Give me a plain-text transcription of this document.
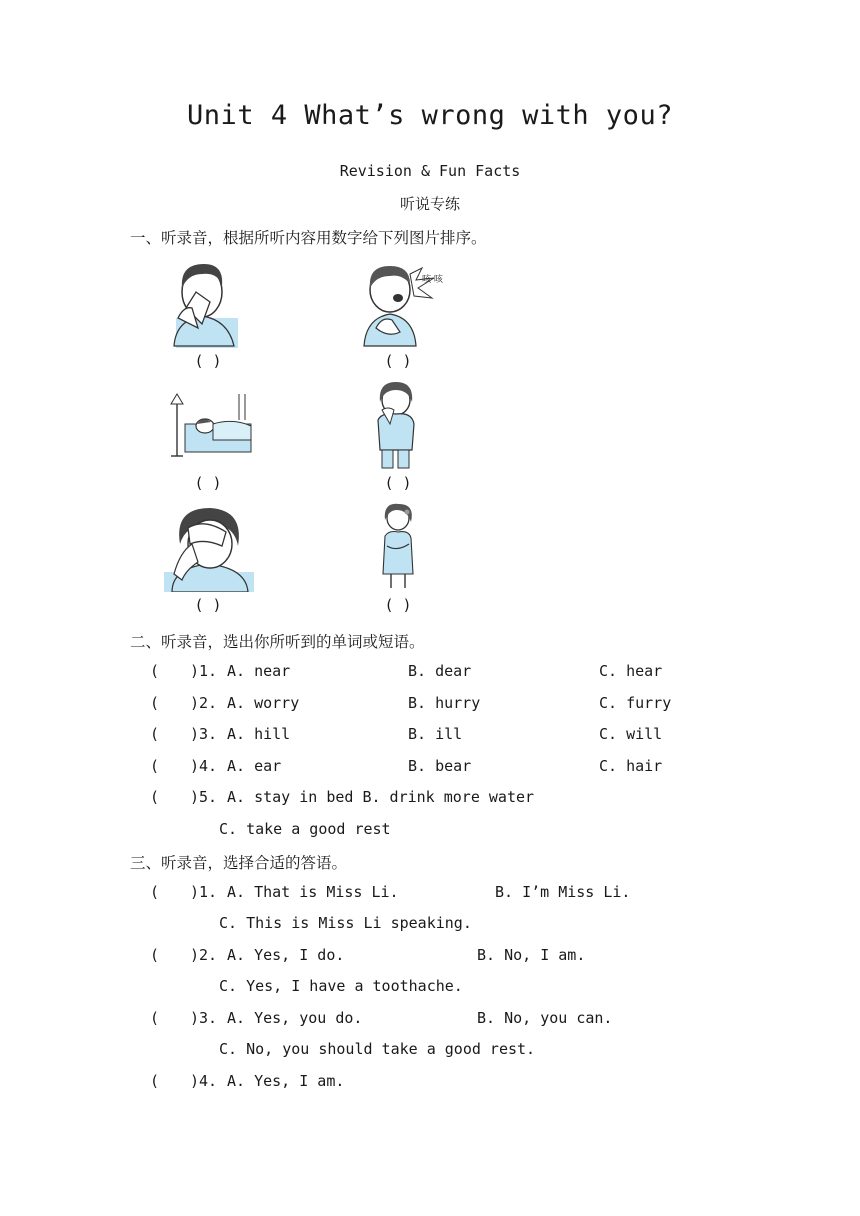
Unit 4 What’s wrong with you?
Revision & Fun Facts
听说专练
一、听录音，根据所听内容用数字给下列图片排序。
( )
咳 咳
( )
( )	( )
( )	( )
二、听录音，选出你所听到的单词或短语。
( )1. A. near	B. dear	C. hear
( )2. A. worry	B. hurry	C. furry
( )3. A. hill	B. ill	C. will
( )4. A. ear	B. bear	C. hair
( )5. A. stay in bed B. drink more water
C. take a good rest
三、听录音，选择合适的答语。
( )1. A. That is Miss Li.	B. I’m Miss Li.
C. This is Miss Li speaking.
( )2. A. Yes, I do.	B. No, I am.
C. Yes, I have a toothache.
( )3. A. Yes, you do.	B. No, you can.
C. No, you should take a good rest.
( )4. A. Yes, I am.
